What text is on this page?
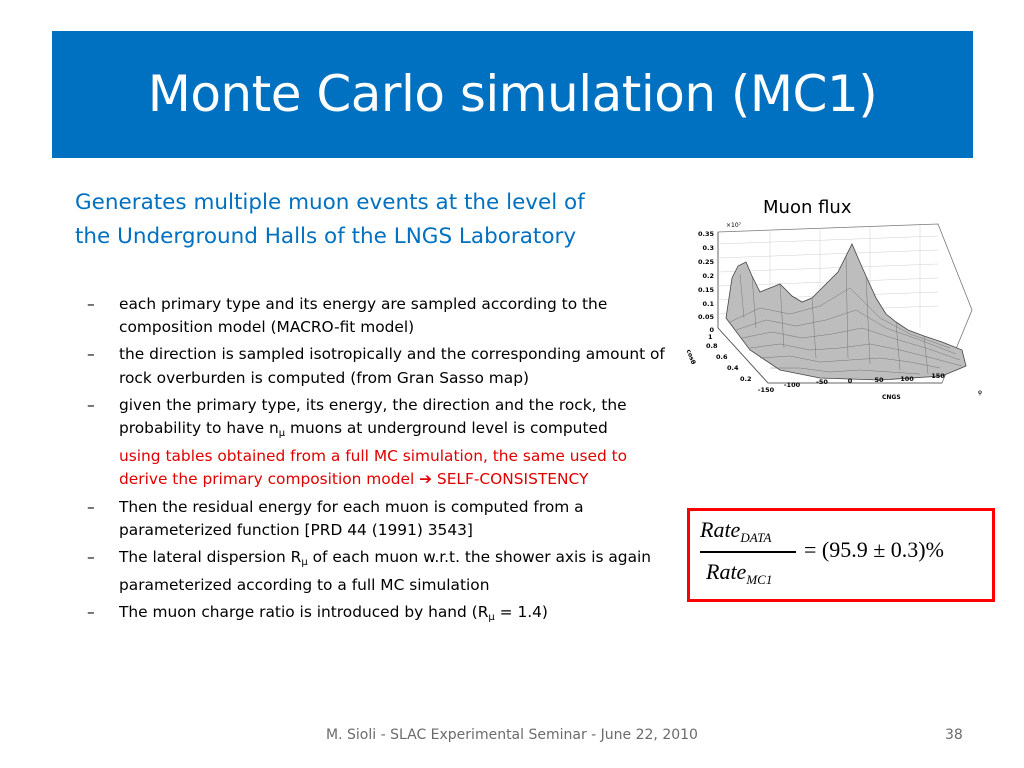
Monte Carlo simulation (MC1)
Generates multiple muon events at the level of the Underground Halls of the LNGS Laboratory
– each primary type and its energy are sampled according to the composition model (MACRO-fit model)
– the direction is sampled isotropically and the corresponding amount of rock overburden is computed (from Gran Sasso map)
– given the primary type, its energy, the direction and the rock, the probability to have $n_\mu$ muons at underground level is computed
using tables obtained from a full MC simulation, the same used to derive the primary composition model ➔ SELF-CONSISTENCY
– Then the residual energy for each muon is computed from a parameterized function [PRD 44 (1991) 3543]
– The lateral dispersion $R_\mu$ of each muon w.r.t. the shower axis is again parameterized according to a full MC simulation
– The muon charge ratio is introduced by hand $(R_\mu = 1.4)$
Muon flux
0.35
0.3
0.25
0.2
0.15
0.1
0.05
0
×10⁷
1
0.8
0.6
0.4
0.2
cosθ
-150
-100 -50	0	50	100	150
CNGS
φ
Rate$_{DATA}$
Rate$_{MC1}$
= (95.9 ± 0.3)%
M. Sioli - SLAC Experimental Seminar - June 22, 2010	38
